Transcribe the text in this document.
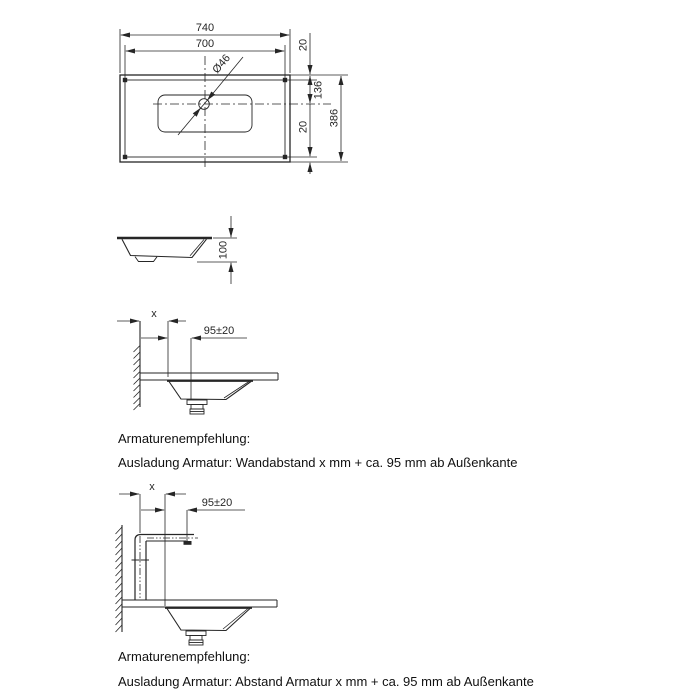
Ø46
740
700	20
136
20 386
100
x
95±20
x
95±20
Armaturenempfehlung:
Ausladung Armatur: Wandabstand x mm + ca. 95 mm ab Außenkante
Armaturenempfehlung:
Ausladung Armatur: Abstand Armatur x mm + ca. 95 mm ab Außenkante
